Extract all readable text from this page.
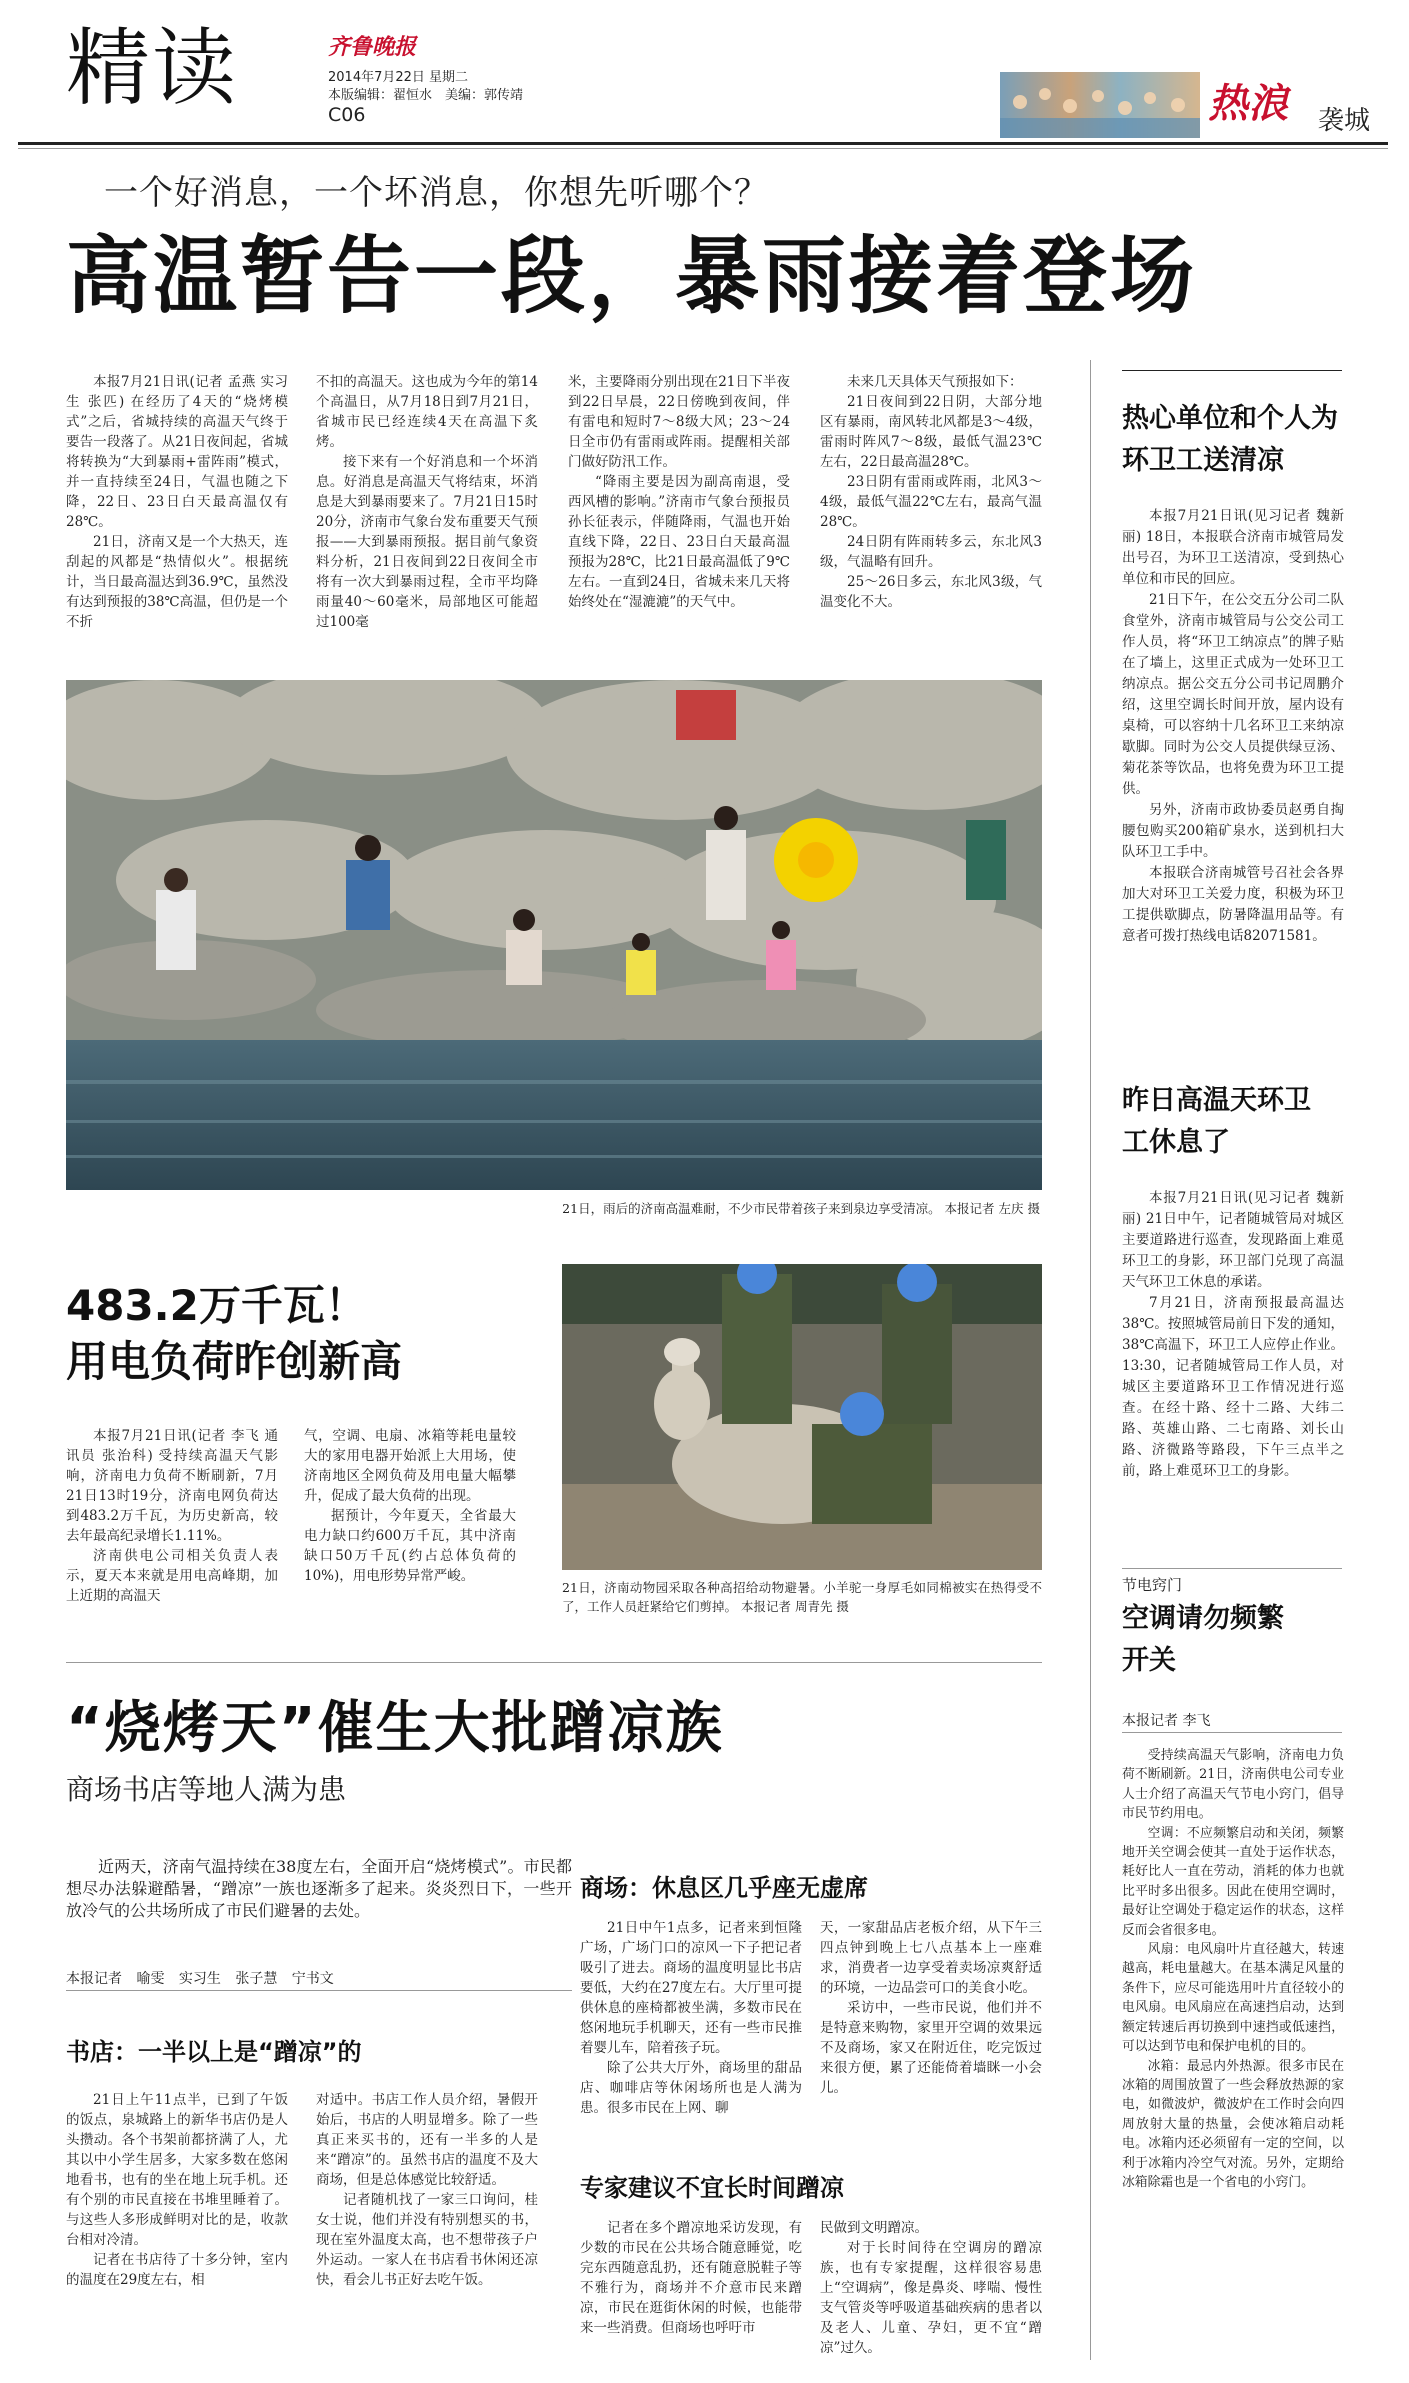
精读	齐鲁晚报
2014年7月22日 星期二
本版编辑：翟恒水　美编：郭传靖
C06	热浪 袭城
一个好消息，一个坏消息，你想先听哪个？
高温暂告一段，暴雨接着登场

本报7月21日讯(记者 孟燕 实习生 张匹) 在经历了4天的“烧烤模式”之后，省城持续的高温天气终于要告一段落了。从21日夜间起，省城将转换为“大到暴雨+雷阵雨”模式，并一直持续至24日，气温也随之下降，22日、23日白天最高温仅有28℃。

21日，济南又是一个大热天，连刮起的风都是“热情似火”。根据统计，当日最高温达到36.9℃，虽然没有达到预报的38℃高温，但仍是一个不折

不扣的高温天。这也成为今年的第14个高温日，从7月18日到7月21日，省城市民已经连续4天在高温下炙烤。

接下来有一个好消息和一个坏消息。好消息是高温天气将结束，坏消息是大到暴雨要来了。7月21日15时20分，济南市气象台发布重要天气预报——大到暴雨预报。据目前气象资料分析，21日夜间到22日夜间全市将有一次大到暴雨过程，全市平均降雨量40～60毫米，局部地区可能超过100毫

米，主要降雨分别出现在21日下半夜到22日早晨，22日傍晚到夜间，伴有雷电和短时7～8级大风；23～24日全市仍有雷雨或阵雨。提醒相关部门做好防汛工作。

“降雨主要是因为副高南退，受西风槽的影响。”济南市气象台预报员孙长征表示，伴随降雨，气温也开始直线下降，22日、23日白天最高温预报为28℃，比21日最高温低了9℃左右。一直到24日，省城未来几天将始终处在“湿漉漉”的天气中。

未来几天具体天气预报如下：

21日夜间到22日阴，大部分地区有暴雨，南风转北风都是3～4级，雷雨时阵风7～8级，最低气温23℃左右，22日最高温28℃。

23日阴有雷雨或阵雨，北风3～4级，最低气温22℃左右，最高气温28℃。

24日阴有阵雨转多云，东北风3级，气温略有回升。

25～26日多云，东北风3级，气温变化不大。

21日，雨后的济南高温难耐，不少市民带着孩子来到泉边享受清凉。 本报记者 左庆 摄
483.2万千瓦！
用电负荷昨创新高

本报7月21日讯(记者 李飞 通讯员 张治科) 受持续高温天气影响，济南电力负荷不断刷新，7月21日13时19分，济南电网负荷达到483.2万千瓦，为历史新高，较去年最高纪录增长1.11%。

济南供电公司相关负责人表示，夏天本来就是用电高峰期，加上近期的高温天

气，空调、电扇、冰箱等耗电量较大的家用电器开始派上大用场，使济南地区全网负荷及用电量大幅攀升，促成了最大负荷的出现。

据预计，今年夏天，全省最大电力缺口约600万千瓦，其中济南缺口50万千瓦(约占总体负荷的10%)，用电形势异常严峻。

21日，济南动物园采取各种高招给动物避暑。小羊驼一身厚毛如同棉被实在热得受不了，工作人员赶紧给它们剪掉。 本报记者 周青先 摄
“烧烤天”催生大批蹭凉族
商场书店等地人满为患

近两天，济南气温持续在38度左右，全面开启“烧烤模式”。市民都想尽办法躲避酷暑，“蹭凉”一族也逐渐多了起来。炎炎烈日下，一些开放冷气的公共场所成了市民们避暑的去处。

本报记者 喻雯 实习生 张子慧 宁书文
书店：一半以上是“蹭凉”的

21日上午11点半，已到了午饭的饭点，泉城路上的新华书店仍是人头攒动。各个书架前都挤满了人，尤其以中小学生居多，大家多数在悠闲地看书，也有的坐在地上玩手机。还有个别的市民直接在书堆里睡着了。与这些人多形成鲜明对比的是，收款台相对冷清。

记者在书店待了十多分钟，室内的温度在29度左右，相

对适中。书店工作人员介绍，暑假开始后，书店的人明显增多。除了一些真正来买书的，还有一半多的人是来“蹭凉”的。虽然书店的温度不及大商场，但是总体感觉比较舒适。

记者随机找了一家三口询问，桂女士说，他们并没有特别想买的书，现在室外温度太高，也不想带孩子户外运动。一家人在书店看书休闲还凉快，看会儿书正好去吃午饭。

商场：休息区几乎座无虚席

21日中午1点多，记者来到恒隆广场，广场门口的凉风一下子把记者吸引了进去。商场的温度明显比书店要低，大约在27度左右。大厅里可提供休息的座椅都被坐满，多数市民在悠闲地玩手机聊天，还有一些市民推着婴儿车，陪着孩子玩。

除了公共大厅外，商场里的甜品店、咖啡店等休闲场所也是人满为患。很多市民在上网、聊

天，一家甜品店老板介绍，从下午三四点钟到晚上七八点基本上一座难求，消费者一边享受着卖场凉爽舒适的环境，一边品尝可口的美食小吃。

采访中，一些市民说，他们并不是特意来购物，家里开空调的效果远不及商场，家又在附近住，吃完饭过来很方便，累了还能倚着墙眯一小会儿。

专家建议不宜长时间蹭凉

记者在多个蹭凉地采访发现，有少数的市民在公共场合随意睡觉，吃完东西随意乱扔，还有随意脱鞋子等不雅行为，商场并不介意市民来蹭凉，市民在逛街休闲的时候，也能带来一些消费。但商场也呼吁市

民做到文明蹭凉。

对于长时间待在空调房的蹭凉族，也有专家提醒，这样很容易患上“空调病”，像是鼻炎、哮喘、慢性支气管炎等呼吸道基础疾病的患者以及老人、儿童、孕妇，更不宜“蹭凉”过久。

热心单位和个人为环卫工送清凉

本报7月21日讯(见习记者 魏新丽) 18日，本报联合济南市城管局发出号召，为环卫工送清凉，受到热心单位和市民的回应。

21日下午，在公交五分公司二队食堂外，济南市城管局与公交公司工作人员，将“环卫工纳凉点”的牌子贴在了墙上，这里正式成为一处环卫工纳凉点。据公交五分公司书记周鹏介绍，这里空调长时间开放，屋内设有桌椅，可以容纳十几名环卫工来纳凉歇脚。同时为公交人员提供绿豆汤、菊花茶等饮品，也将免费为环卫工提供。

另外，济南市政协委员赵勇自掏腰包购买200箱矿泉水，送到机扫大队环卫工手中。

本报联合济南城管号召社会各界加大对环卫工关爱力度，积极为环卫工提供歇脚点，防暑降温用品等。有意者可拨打热线电话82071581。

昨日高温天环卫工休息了

本报7月21日讯(见习记者 魏新丽) 21日中午，记者随城管局对城区主要道路进行巡查，发现路面上难觅环卫工的身影，环卫部门兑现了高温天气环卫工休息的承诺。

7月21日，济南预报最高温达38℃。按照城管局前日下发的通知，38℃高温下，环卫工人应停止作业。13:30，记者随城管局工作人员，对城区主要道路环卫工作情况进行巡查。在经十路、经十二路、大纬二路、英雄山路、二七南路、刘长山路、济微路等路段，下午三点半之前，路上难觅环卫工的身影。

节电窍门
空调请勿频繁开关
本报记者 李飞

受持续高温天气影响，济南电力负荷不断刷新。21日，济南供电公司专业人士介绍了高温天气节电小窍门，倡导市民节约用电。

空调：不应频繁启动和关闭，频繁地开关空调会使其一直处于运作状态，耗好比人一直在劳动，消耗的体力也就比平时多出很多。因此在使用空调时，最好让空调处于稳定运作的状态，这样反而会省很多电。

风扇：电风扇叶片直径越大，转速越高，耗电量越大。在基本满足风量的条件下，应尽可能选用叶片直径较小的电风扇。电风扇应在高速挡启动，达到额定转速后再切换到中速挡或低速挡，可以达到节电和保护电机的目的。

冰箱：最忌内外热源。很多市民在冰箱的周围放置了一些会释放热源的家电，如微波炉，微波炉在工作时会向四周放射大量的热量，会使冰箱启动耗电。冰箱内还必须留有一定的空间，以利于冰箱内冷空气对流。另外，定期给冰箱除霜也是一个省电的小窍门。
